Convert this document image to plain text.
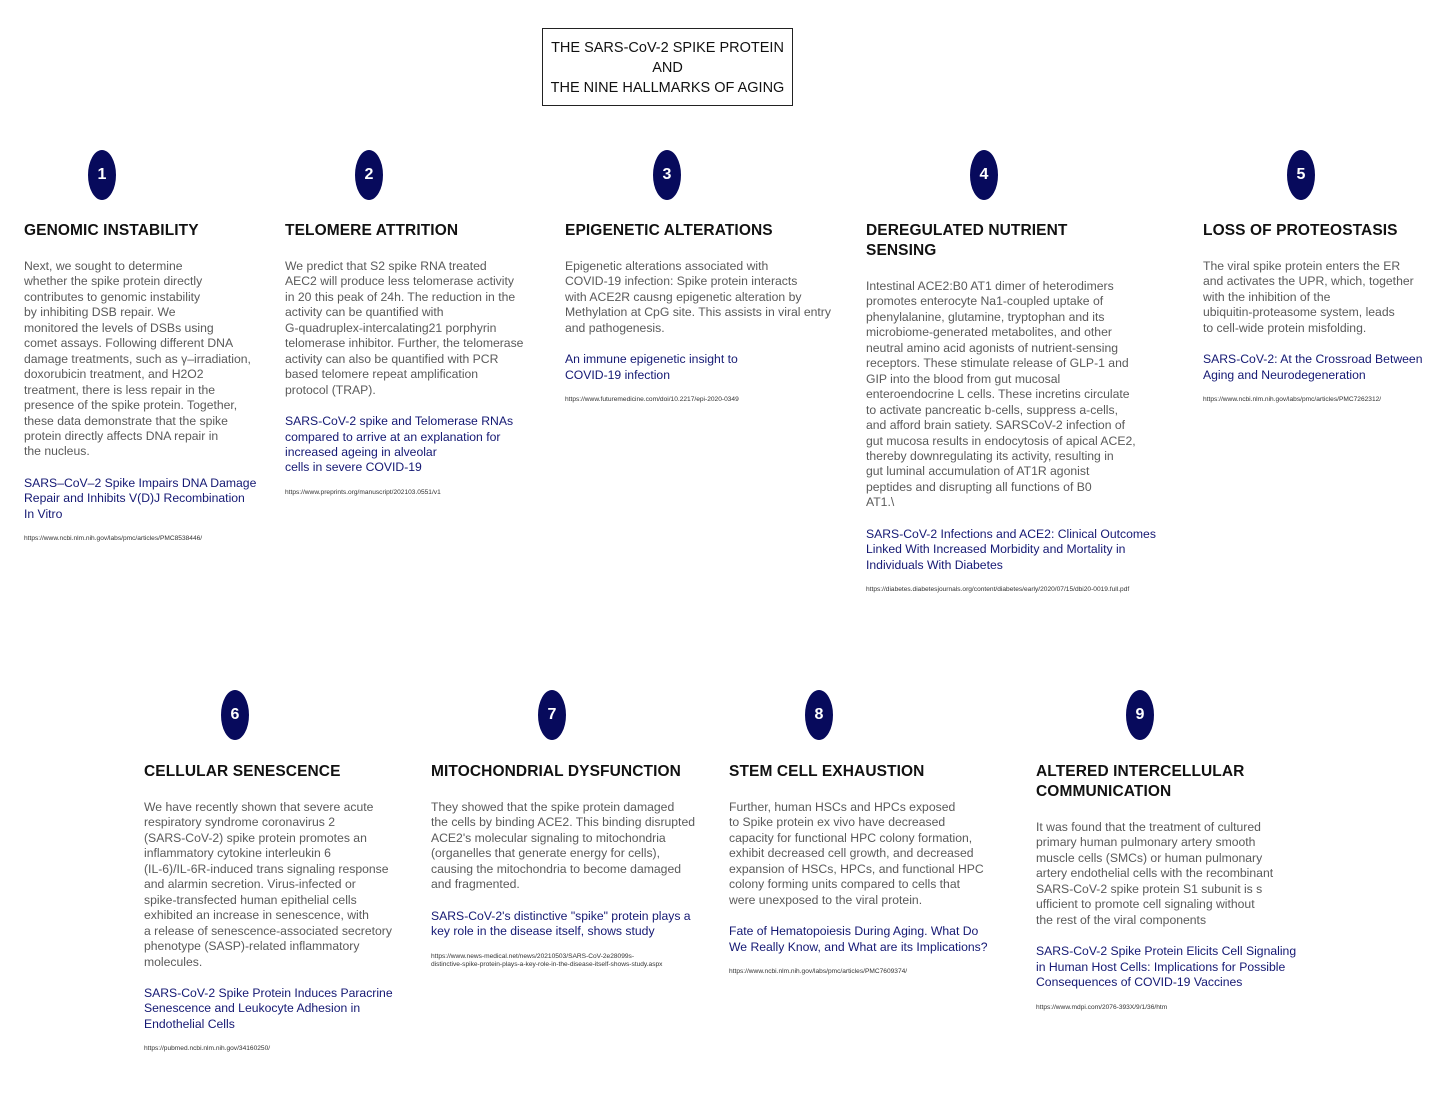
THE SARS-CoV-2 SPIKE PROTEIN
AND
THE NINE HALLMARKS OF AGING
1	2	3	4	5
6	7	8	9
GENOMIC INSTABILITY
Next, we sought to determine
whether the spike protein directly
contributes to genomic instability
by inhibiting DSB repair. We
monitored the levels of DSBs using
comet assays. Following different DNA
damage treatments, such as γ–irradiation,
doxorubicin treatment, and H2O2
treatment, there is less repair in the
presence of the spike protein. Together,
these data demonstrate that the spike
protein directly affects DNA repair in
the nucleus.
SARS–CoV–2 Spike Impairs DNA Damage
Repair and Inhibits V(D)J Recombination
In Vitro
https://www.ncbi.nlm.nih.gov/labs/pmc/articles/PMC8538446/
TELOMERE ATTRITION
We predict that S2 spike RNA treated
AEC2 will produce less telomerase activity
in 20 this peak of 24h. The reduction in the
activity can be quantified with
G-quadruplex-intercalating21 porphyrin
telomerase inhibitor. Further, the telomerase
activity can also be quantified with PCR
based telomere repeat amplification
protocol (TRAP).
SARS-CoV-2 spike and Telomerase RNAs
compared to arrive at an explanation for
increased ageing in alveolar
cells in severe COVID-19
https://www.preprints.org/manuscript/202103.0551/v1
EPIGENETIC ALTERATIONS
Epigenetic alterations associated with
COVID-19 infection: Spike protein interacts
with ACE2R causng epigenetic alteration by
Methylation at CpG site. This assists in viral entry
and pathogenesis.
An immune epigenetic insight to
COVID-19 infection
https://www.futuremedicine.com/doi/10.2217/epi-2020-0349
DEREGULATED NUTRIENT
SENSING
Intestinal ACE2:B0 AT1 dimer of heterodimers
promotes enterocyte Na1-coupled uptake of
phenylalanine, glutamine, tryptophan and its
microbiome-generated metabolites, and other
neutral amino acid agonists of nutrient-sensing
receptors. These stimulate release of GLP-1 and
GIP into the blood from gut mucosal
enteroendocrine L cells. These incretins circulate
to activate pancreatic b-cells, suppress a-cells,
and afford brain satiety. SARSCoV-2 infection of
gut mucosa results in endocytosis of apical ACE2,
thereby downregulating its activity, resulting in
gut luminal accumulation of AT1R agonist
peptides and disrupting all functions of B0
AT1.\
SARS-CoV-2 Infections and ACE2: Clinical Outcomes
Linked With Increased Morbidity and Mortality in
Individuals With Diabetes
https://diabetes.diabetesjournals.org/content/diabetes/early/2020/07/15/dbi20-0019.full.pdf
LOSS OF PROTEOSTASIS
The viral spike protein enters the ER
and activates the UPR, which, together
with the inhibition of the
ubiquitin-proteasome system, leads
to cell-wide protein misfolding.
SARS-CoV-2: At the Crossroad Between
Aging and Neurodegeneration
https://www.ncbi.nlm.nih.gov/labs/pmc/articles/PMC7262312/
CELLULAR SENESCENCE
We have recently shown that severe acute
respiratory syndrome coronavirus 2
(SARS-CoV-2) spike protein promotes an
inflammatory cytokine interleukin 6
(IL-6)/IL-6R-induced trans signaling response
and alarmin secretion. Virus-infected or
spike-transfected human epithelial cells
exhibited an increase in senescence, with
a release of senescence-associated secretory
phenotype (SASP)-related inflammatory
molecules.
SARS-CoV-2 Spike Protein Induces Paracrine
Senescence and Leukocyte Adhesion in
Endothelial Cells
https://pubmed.ncbi.nlm.nih.gov/34160250/
MITOCHONDRIAL DYSFUNCTION
They showed that the spike protein damaged
the cells by binding ACE2. This binding disrupted
ACE2's molecular signaling to mitochondria
(organelles that generate energy for cells),
causing the mitochondria to become damaged
and fragmented.
SARS-CoV-2's distinctive "spike" protein plays a
key role in the disease itself, shows study
https://www.news-medical.net/news/20210503/SARS-CoV-2e28099s-
distinctive-spike-protein-plays-a-key-role-in-the-disease-itself-shows-study.aspx
STEM CELL EXHAUSTION
Further, human HSCs and HPCs exposed
to Spike protein ex vivo have decreased
capacity for functional HPC colony formation,
exhibit decreased cell growth, and decreased
expansion of HSCs, HPCs, and functional HPC
colony forming units compared to cells that
were unexposed to the viral protein.
Fate of Hematopoiesis During Aging. What Do
We Really Know, and What are its Implications?
https://www.ncbi.nlm.nih.gov/labs/pmc/articles/PMC7609374/
ALTERED INTERCELLULAR
COMMUNICATION
It was found that the treatment of cultured
primary human pulmonary artery smooth
muscle cells (SMCs) or human pulmonary
artery endothelial cells with the recombinant
SARS-CoV-2 spike protein S1 subunit is s
ufficient to promote cell signaling without
the rest of the viral components
SARS-CoV-2 Spike Protein Elicits Cell Signaling
in Human Host Cells: Implications for Possible
Consequences of COVID-19 Vaccines
https://www.mdpi.com/2076-393X/9/1/36/htm
